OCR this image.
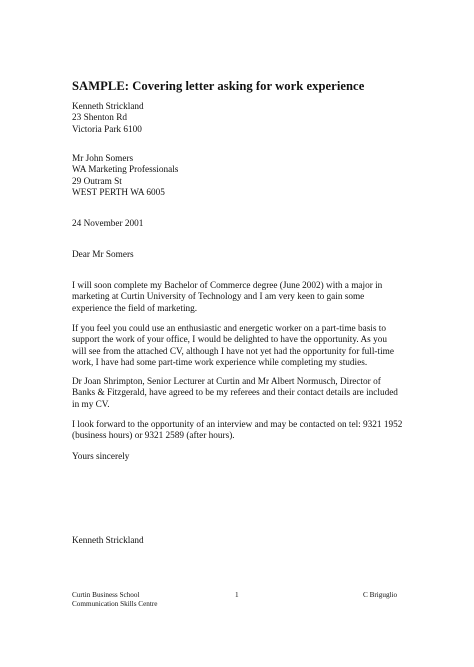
SAMPLE: Covering letter asking for work experience
Kenneth Strickland
23 Shenton Rd
Victoria Park 6100
Mr John Somers
WA Marketing Professionals
29 Outram St
WEST PERTH WA 6005
24 November 2001
Dear Mr Somers
I will soon complete my Bachelor of Commerce degree (June 2002) with a major in
marketing at Curtin University of Technology and I am very keen to gain some
experience the field of marketing.
If you feel you could use an enthusiastic and energetic worker on a part-time basis to
support the work of your office, I would be delighted to have the opportunity. As you
will see from the attached CV, although I have not yet had the opportunity for full-time
work, I have had some part-time work experience while completing my studies.
Dr Joan Shrimpton, Senior Lecturer at Curtin and Mr Albert Normusch, Director of
Banks & Fitzgerald, have agreed to be my referees and their contact details are included
in my CV.
I look forward to the opportunity of an interview and may be contacted on tel: 9321 1952
(business hours) or 9321 2589 (after hours).
Yours sincerely
Kenneth Strickland
Curtin Business School
Communication Skills Centre
1	C Briguglio
